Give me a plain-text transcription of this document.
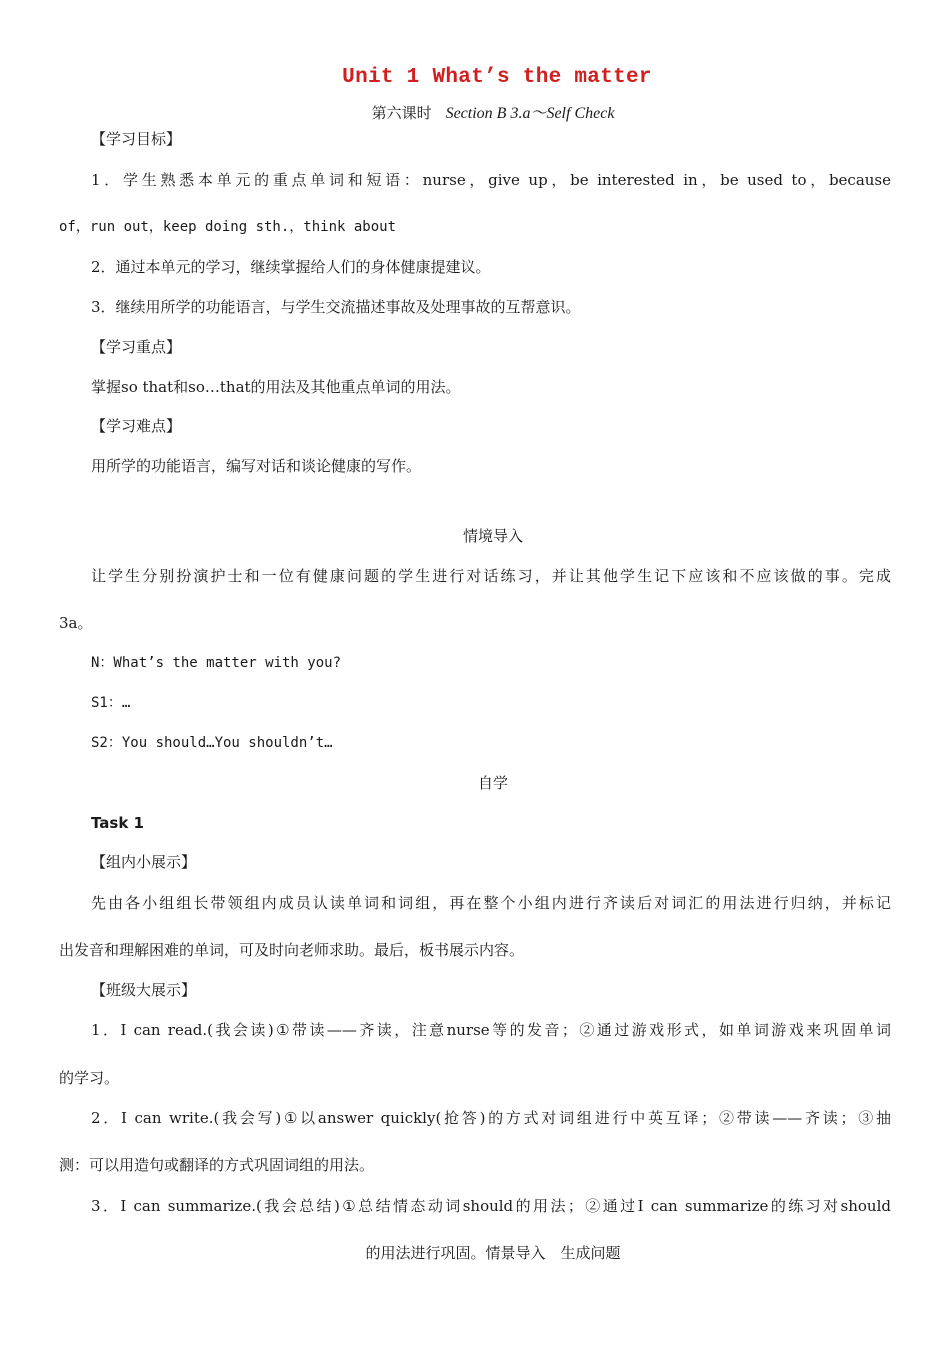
Unit 1 What’s the matter
第六课时 Section B 3.a～Self Check
【学习目标】
1．学生熟悉本单元的重点单词和短语：nurse，give up，be interested in，be used to，because
of，run out，keep doing sth.，think about
2．通过本单元的学习，继续掌握给人们的身体健康提建议。
3．继续用所学的功能语言，与学生交流描述事故及处理事故的互帮意识。
【学习重点】
掌握so that和so…that的用法及其他重点单词的用法。
【学习难点】
用所学的功能语言，编写对话和谈论健康的写作。
情境导入
让学生分别扮演护士和一位有健康问题的学生进行对话练习，并让其他学生记下应该和不应该做的事。完成
3a。
N：What’s the matter with you?
S1：…
S2：You should…You shouldn’t…
自学
Task 1
【组内小展示】
先由各小组组长带领组内成员认读单词和词组，再在整个小组内进行齐读后对词汇的用法进行归纳，并标记
出发音和理解困难的单词，可及时向老师求助。最后，板书展示内容。
【班级大展示】
1．I can read.(我会读)①带读——齐读，注意nurse等的发音；②通过游戏形式，如单词游戏来巩固单词
的学习。
2．I can write.(我会写)①以answer quickly(抢答)的方式对词组进行中英互译；②带读——齐读；③抽
测：可以用造句或翻译的方式巩固词组的用法。
3．I can summarize.(我会总结)①总结情态动词should的用法；②通过I can summarize的练习对should
的用法进行巩固。情景导入　生成问题
